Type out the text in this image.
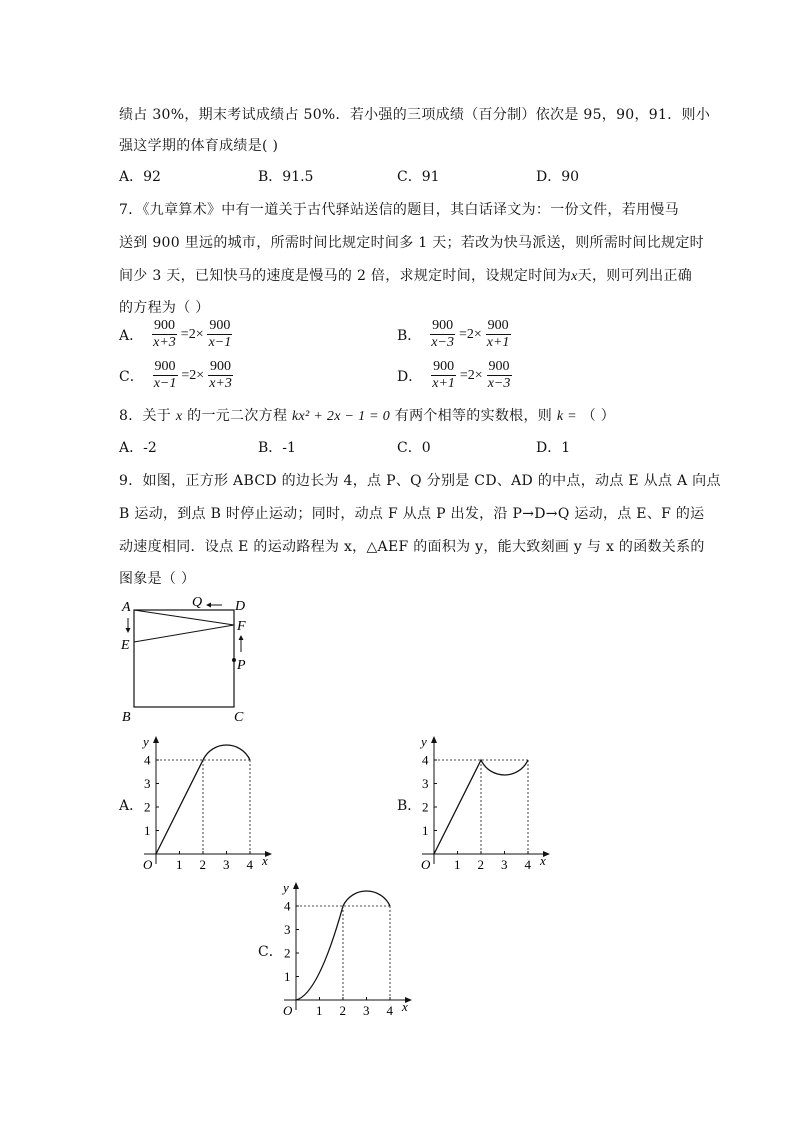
绩占 30%，期末考试成绩占 50%．若小强的三项成绩（百分制）依次是 95，90，91．则小
强这学期的体育成绩是( )
A．92	B．91.5	C．91	D．90
7．《九章算术》中有一道关于古代驿站送信的题目，其白话译文为：一份文件，若用慢马
送到 900 里远的城市，所需时间比规定时间多 1 天；若改为快马派送，则所需时间比规定时
间少 3 天，已知快马的速度是慢马的 2 倍，求规定时间，设规定时间为x天，则可列出正确
的方程为（ ）
A． $\frac{900}{x+3} =2\times \frac{900}{x-1}$	B． $\frac{900}{x-3} =2\times \frac{900}{x+1}$
C． $\frac{900}{x-1} =2\times \frac{900}{x+3}$	D． $\frac{900}{x+1} =2\times \frac{900}{x-3}$
8．关于 x 的一元二次方程 kx² + 2x − 1 = 0 有两个相等的实数根，则 k = （ ）
A．-2	B．-1	C．0	D．1
9．如图，正方形 ABCD 的边长为 4，点 P、Q 分别是 CD、AD 的中点，动点 E 从点 A 向点
B 运动，到点 B 时停止运动；同时，动点 F 从点 P 出发，沿 P→D→Q 运动，点 E、F 的运
动速度相同．设点 E 的运动路程为 x，△AEF 的面积为 y，能大致刻画 y 与 x 的函数关系的
图象是（ ）
A	Q D
F
E
P
B	C
A．	B．
C．
1
1
2
2
3
3
4
4
O	x
y
1
1
2
2
3
3
4
4
O	x
y
1
1
2
2
3
3
4
4
O	x
y
